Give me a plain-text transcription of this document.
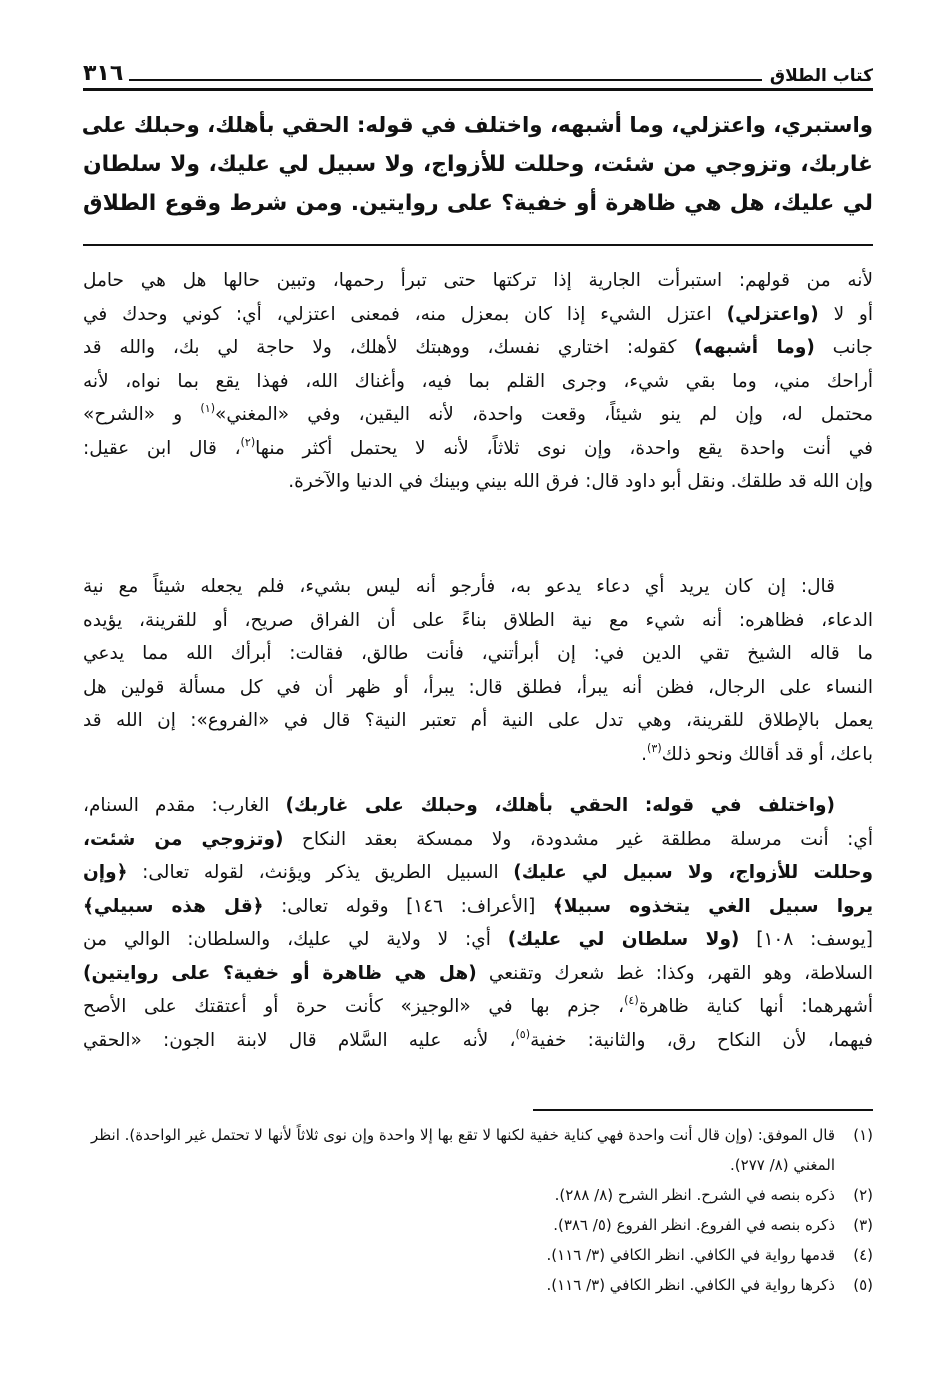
كتاب الطلاق
٣١٦
واستبري، واعتزلي، وما أشبهه، واختلف في قوله: الحقي بأهلك، وحبلك على
غاربك، وتزوجي من شئت، وحللت للأزواج، ولا سبيل لي عليك، ولا سلطان
لي عليك، هل هي ظاهرة أو خفية؟ على روايتين. ومن شرط وقوع الطلاق
لأنه من قولهم: استبرأت الجارية إذا تركتها حتى تبرأ رحمها، وتبين حالها هل هي حامل
أو لا (واعتزلي) اعتزل الشيء إذا كان بمعزل منه، فمعنى اعتزلي، أي: كوني وحدك في
جانب (وما أشبهه) كقوله: اختاري نفسك، ووهبتك لأهلك، ولا حاجة لي بك، والله قد
أراحك مني، وما بقي شيء، وجرى القلم بما فيه، وأغناك الله، فهذا يقع بما نواه، لأنه
محتمل له، وإن لم ينو شيئاً، وقعت واحدة، لأنه اليقين، وفي «المغني»$^{(١)}$ و «الشرح»
في أنت واحدة يقع واحدة، وإن نوى ثلاثاً، لأنه لا يحتمل أكثر منها$^{(٢)}$، قال ابن عقيل:
وإن الله قد طلقك. ونقل أبو داود قال: فرق الله بيني وبينك في الدنيا والآخرة.
قال: إن كان يريد أي دعاء يدعو به، فأرجو أنه ليس بشيء، فلم يجعله شيئاً مع نية
الدعاء، فظاهره: أنه شيء مع نية الطلاق بناءً على أن الفراق صريح، أو للقرينة، يؤيده
ما قاله الشيخ تقي الدين في: إن أبرأتني، فأنت طالق، فقالت: أبرأك الله مما يدعي
النساء على الرجال، فظن أنه يبرأ، فطلق قال: يبرأ، أو ظهر أن في كل مسألة قولين هل
يعمل بالإطلاق للقرينة، وهي تدل على النية أم تعتبر النية؟ قال في «الفروع»: إن الله قد
باعك، أو قد أقالك ونحو ذلك$^{(٣)}$.
(واختلف في قوله: الحقي بأهلك، وحبلك على غاربك) الغارب: مقدم السنام،
أي: أنت مرسلة مطلقة غير مشدودة، ولا ممسكة بعقد النكاح (وتزوجي من شئت،
وحللت للأزواج، ولا سبيل لي عليك) السبيل الطريق يذكر ويؤنث، لقوله تعالى: ﴿وإن
يروا سبيل الغي يتخذوه سبيلا﴾ [الأعراف: ١٤٦] وقوله تعالى: ﴿قل هذه سبيلي﴾
[يوسف: ١٠٨] (ولا سلطان لي عليك) أي: لا ولاية لي عليك، والسلطان: الوالي من
السلاطة، وهو القهر، وكذا: غط شعرك وتقنعي (هل هي ظاهرة أو خفية؟ على روايتين)
أشهرهما: أنها كناية ظاهرة$^{(٤)}$، جزم بها في «الوجيز» كأنت حرة أو أعتقتك على الأصح
فيهما، لأن النكاح رق، والثانية: خفية$^{(٥)}$، لأنه عليه السَّلام قال لابنة الجون: «الحقي
(١)
قال الموفق: (وإن قال أنت واحدة فهي كناية خفية لكنها لا تقع بها إلا واحدة وإن نوى ثلاثاً لأنها لا تحتمل غير الواحدة). انظر المغني (٨/ ٢٧٧).
(٢)
ذكره بنصه في الشرح. انظر الشرح (٨/ ٢٨٨).
(٣)
ذكره بنصه في الفروع. انظر الفروع (٥/ ٣٨٦).
(٤)
قدمها رواية في الكافي. انظر الكافي (٣/ ١١٦).
(٥)
ذكرها رواية في الكافي. انظر الكافي (٣/ ١١٦).
